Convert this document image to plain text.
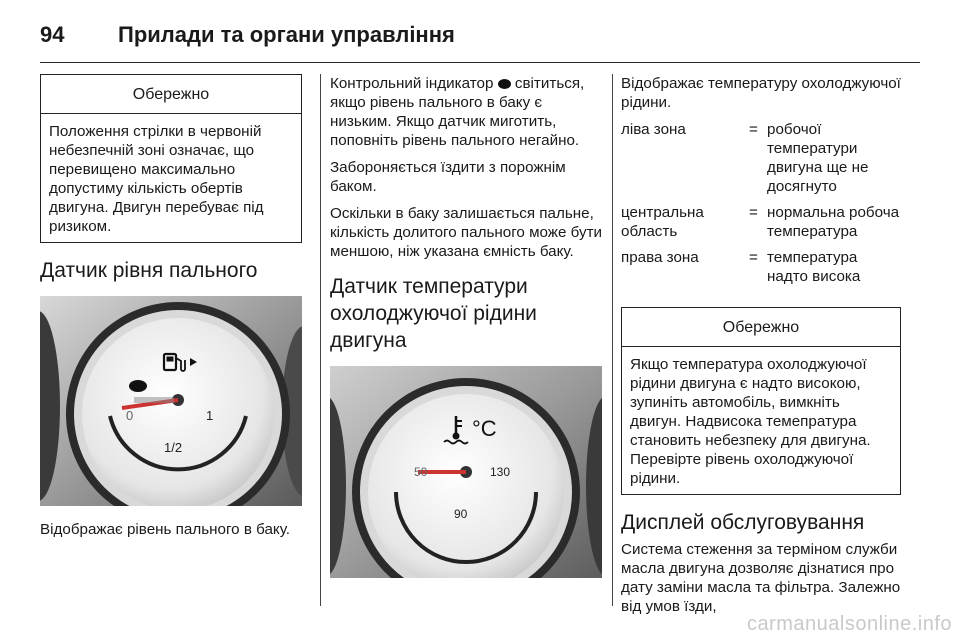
94 Прилади та органи управління
Обережно

Положення стрілки в червоній небезпечній зоні означає, що перевищено максимально допустиму кількість обертів двигуна. Двигун перебуває під ризиком.

Датчик рівня пального
0	1
1/2

Відображає рівень пального в баку.

Контрольний індикатор світиться, якщо рівень пального в баку є низьким. Якщо датчик миготить, поповніть рівень пального негайно.

Забороняється їздити з порожнім баком.

Оскільки в баку залишається пальне, кількість долитого пального може бути меншою, ніж указана ємність баку.

Датчик температури охолоджуючої рідини двигуна
°C
50	130
90

Відображає температуру охолоджуючої рідини.

ліва зона	=	робочої температури двигуна ще не досягнуто
центральна область	=	нормальна робоча температура
права зона	=	температура надто висока
Обережно

Якщо температура охолоджуючої рідини двигуна є надто високою, зупиніть автомобіль, вимкніть двигун. Надвисока темепратура становить небезпеку для двигуна. Перевірте рівень охолоджуючої рідини.

Дисплей обслуговування

Система стеження за терміном служби масла двигуна дозволяє дізнатися про дату заміни масла та фільтра. Залежно від умов їзди,

carmanualsonline.info
